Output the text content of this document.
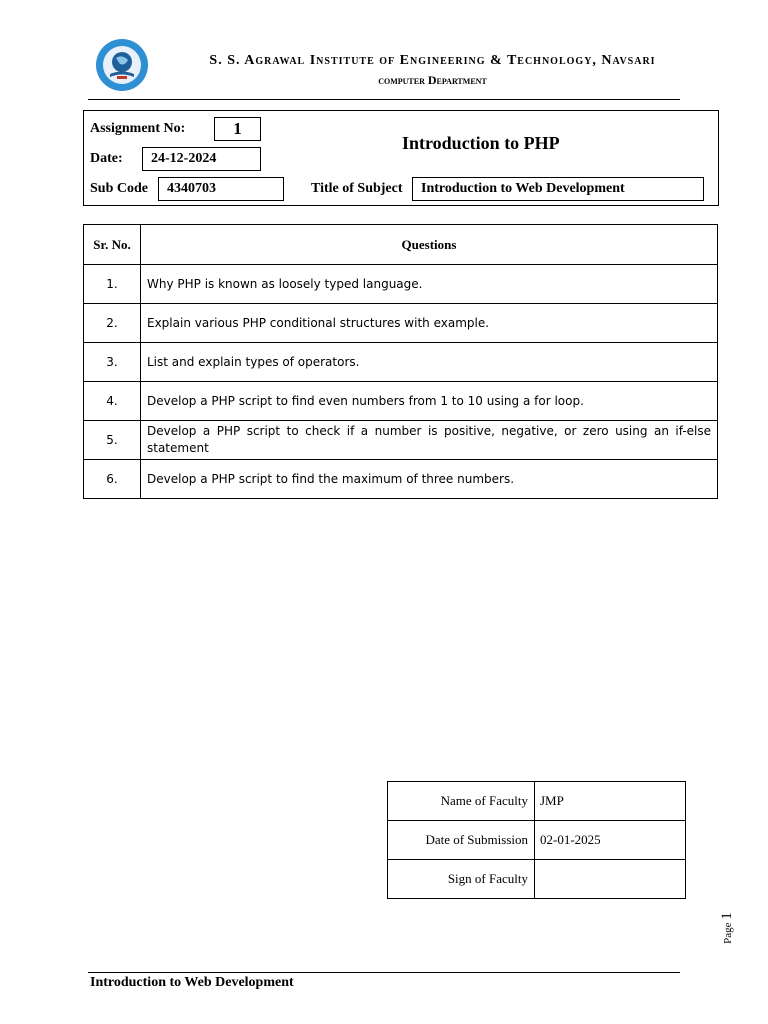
S. S. Agrawal Institute of Engineering & Technology, Navsari
computer Department
Assignment No:	1
Date:	24-12-2024
Sub Code	4340703	Title of Subject	Introduction to Web Development
Introduction to PHP
Sr. No.	Questions
1.	Why PHP is known as loosely typed language.
2.	Explain various PHP conditional structures with example.
3.	List and explain types of operators.
4.	Develop a PHP script to find even numbers from 1 to 10 using a for loop.
5.	Develop a PHP script to check if a number is positive, negative, or zero using an if-else statement
6.	Develop a PHP script to find the maximum of three numbers.
Name of Faculty	JMP
Date of Submission	02-01-2025
Sign of Faculty	
Page 1
Introduction to Web Development
